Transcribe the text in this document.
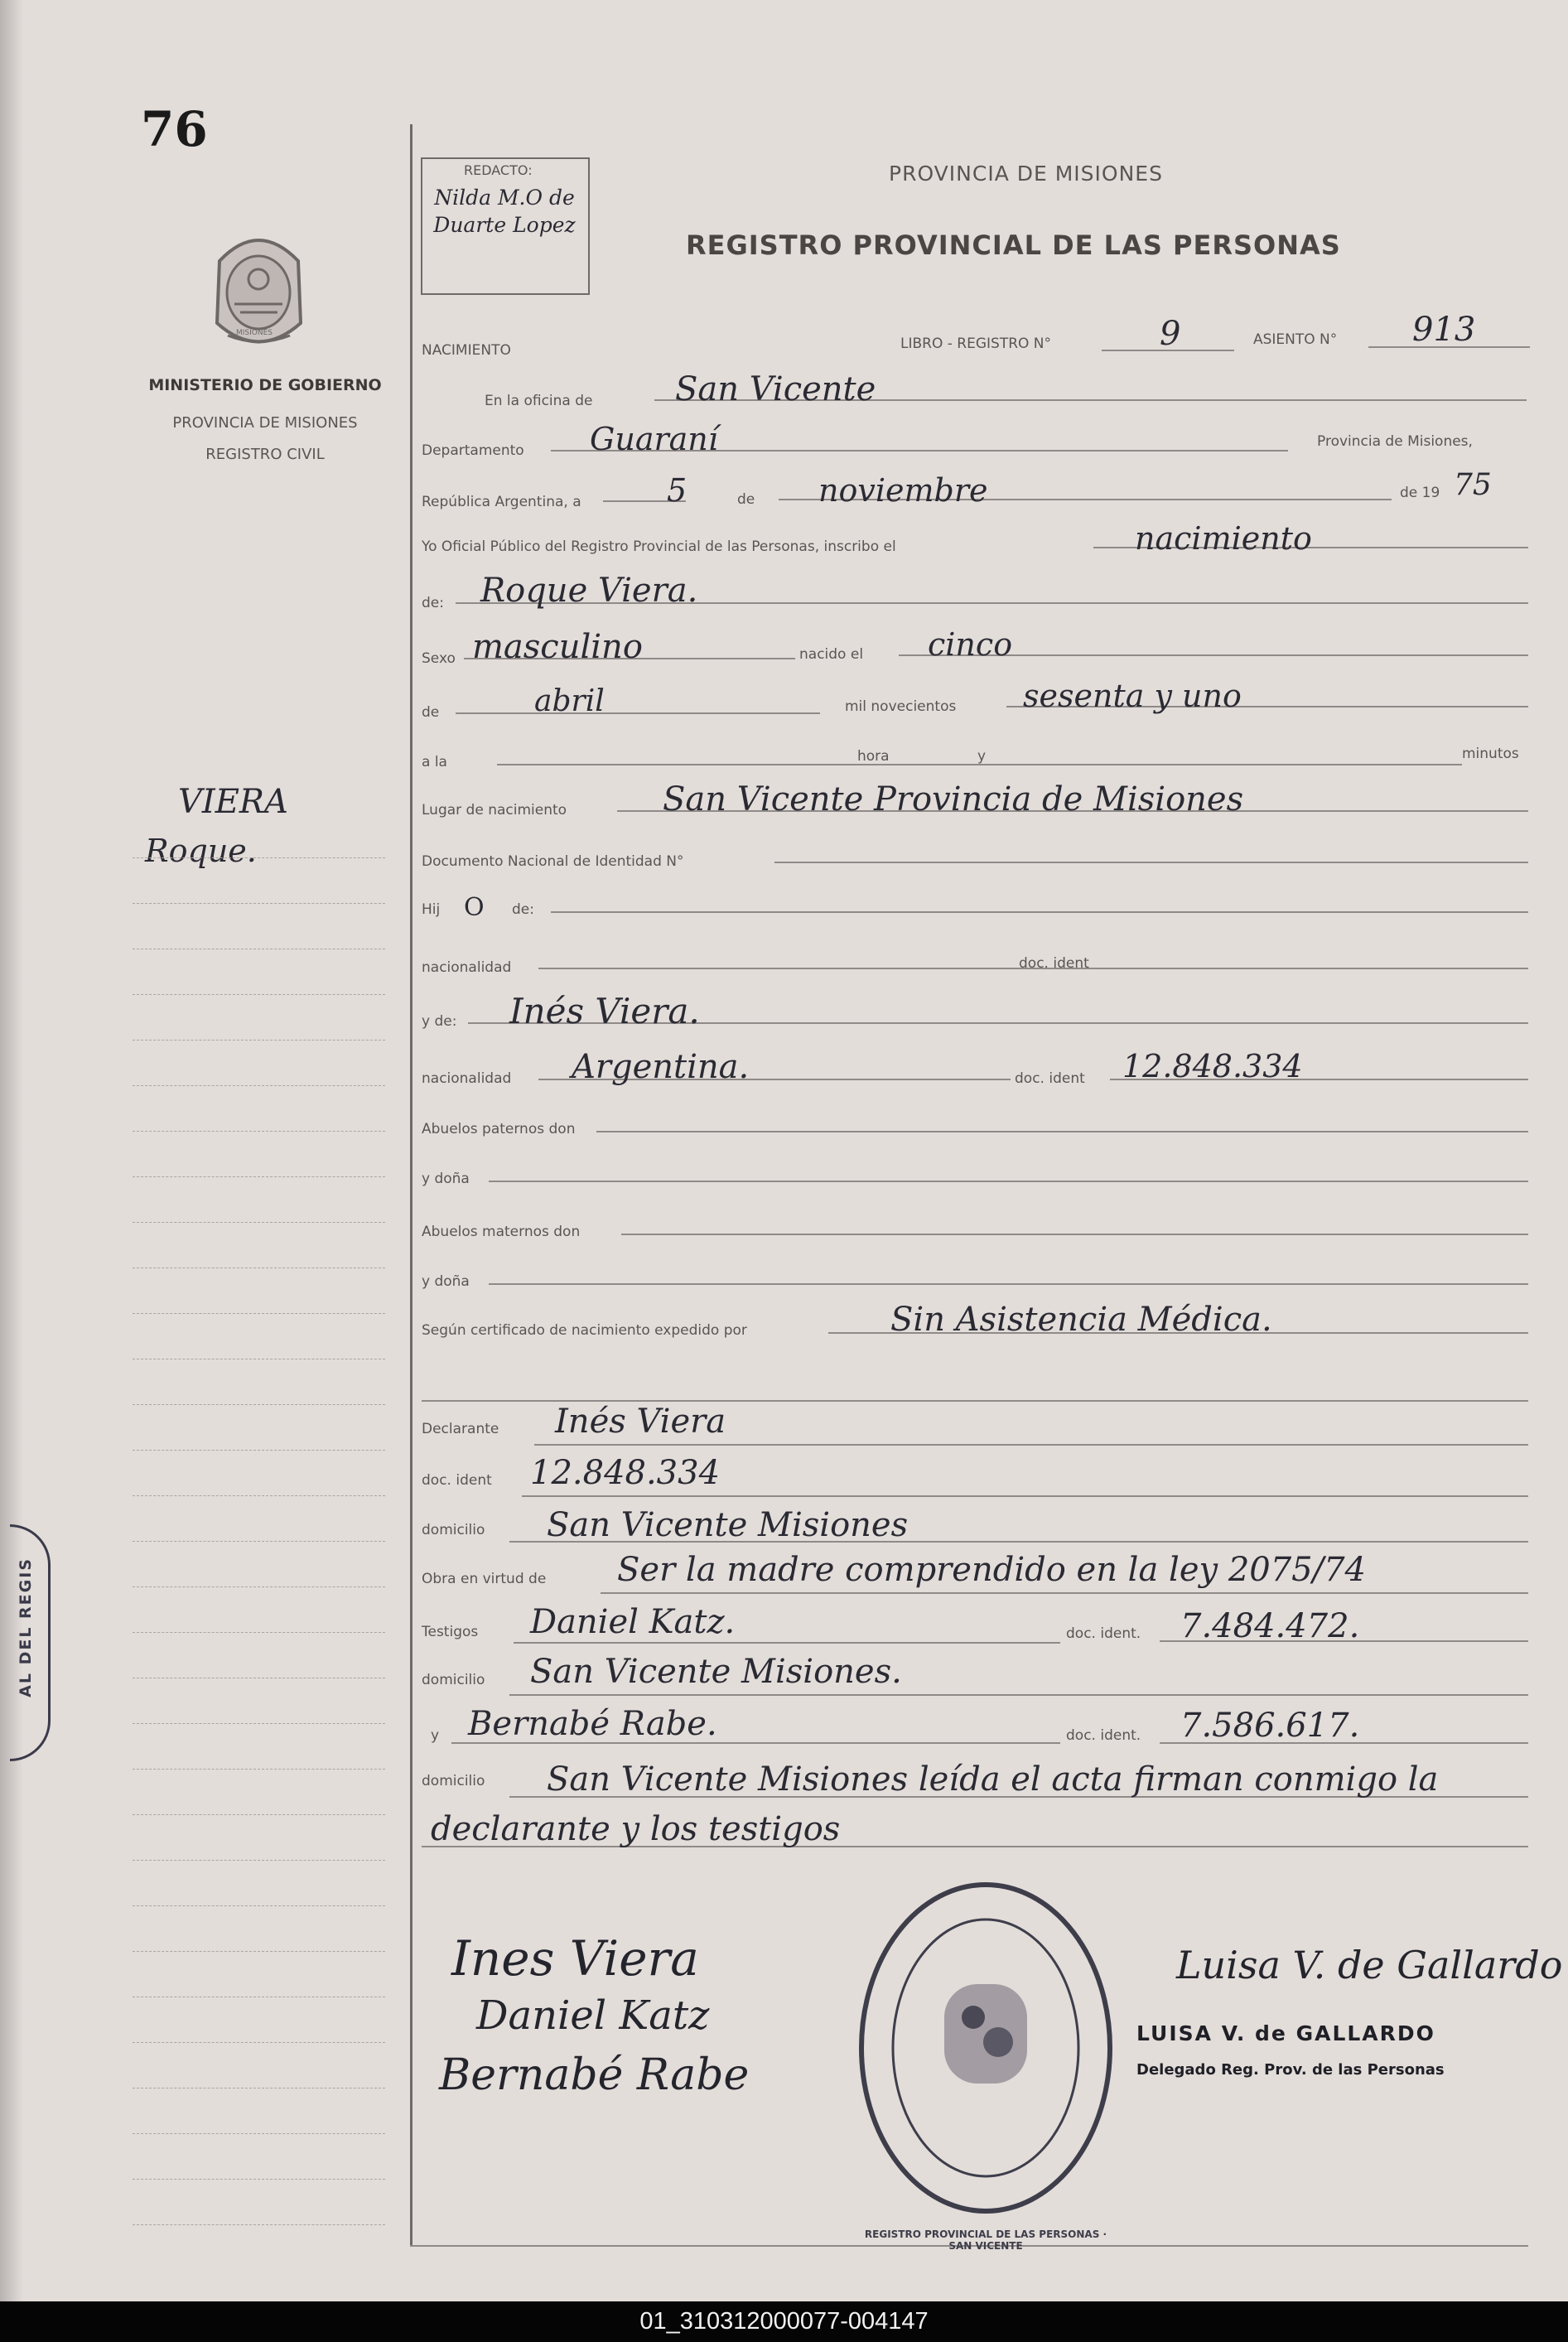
AL DEL REGIS
76
MISIONES
MINISTERIO DE GOBIERNO
PROVINCIA DE MISIONES
REGISTRO CIVIL
VIERA
Roque.
REDACTO:
Nilda M.O de Duarte Lopez
PROVINCIA DE MISIONES
REGISTRO PROVINCIAL DE LAS PERSONAS
NACIMIENTO	LIBRO - REGISTRO N°	9	ASIENTO N° 913
En la oficina de San Vicente
Departamento Guaraní	Provincia de Misiones,
República Argentina, a	5	de noviembre	de 19 75
Yo Oficial Público del Registro Provincial de las Personas, inscribo el	nacimiento
de: Roque Viera.
Sexo masculino	nacido el cinco
de	abril	mil novecientos sesenta y uno
a la	hora	y	minutos
Lugar de nacimiento	San Vicente Provincia de Misiones
Documento Nacional de Identidad N°
Hij O de:
nacionalidad	doc. ident
y de: Inés Viera.
nacionalidad Argentina.	doc. ident 12.848.334
Abuelos paternos don
y doña
Abuelos maternos don
y doña
Según certificado de nacimiento expedido por	Sin Asistencia Médica.
Declarante Inés Viera
doc. ident 12.848.334
domicilio San Vicente Misiones
Obra en virtud de Ser la madre comprendido en la ley 2075/74
Testigos Daniel Katz.	doc. ident. 7.484.472.
domicilio San Vicente Misiones.
y Bernabé Rabe.	doc. ident. 7.586.617.
domicilio	San Vicente Misiones leída el acta firman conmigo la declarante y los testigos
REGISTRO PROVINCIAL DE LAS PERSONAS · SAN VICENTE
Ines Viera
Daniel Katz
Bernabé Rabe
Luisa V. de Gallardo
LUISA V. de GALLARDO
Delegado Reg. Prov. de las Personas
01_310312000077-004147
